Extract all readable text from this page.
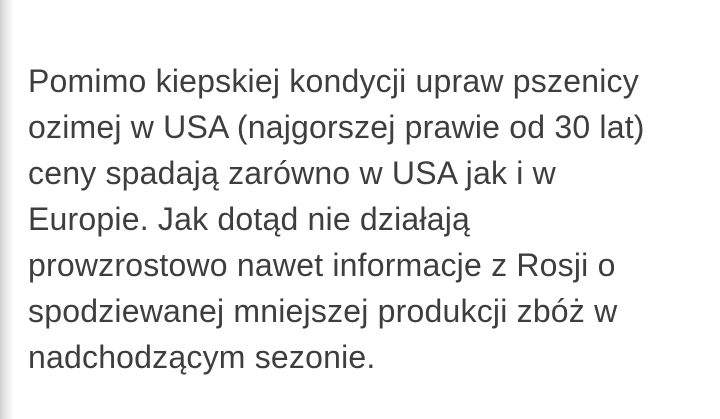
Pomimo kiepskiej kondycji upraw pszenicy
ozimej w USA (najgorszej prawie od 30 lat)
ceny spadają zarówno w USA jak i w
Europie. Jak dotąd nie działają
prowzrostowo nawet informacje z Rosji o
spodziewanej mniejszej produkcji zbóż w
nadchodzącym sezonie.
